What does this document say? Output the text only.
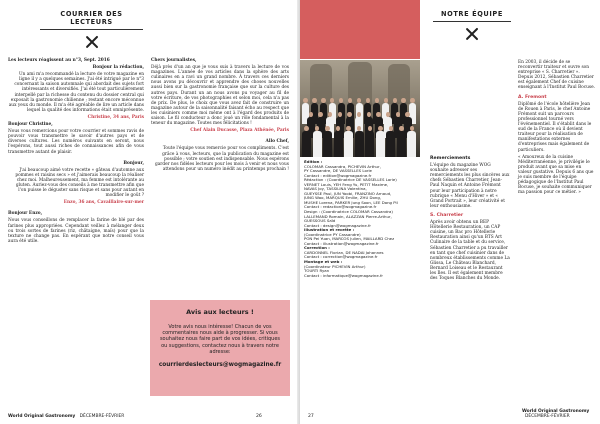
COURRIER DES LECTEURS

Les lecteurs réagissent au n°3, Sept. 2016

Bonjour la rédaction,

Un ami m'a recommandé la lecture de votre magazine en ligne il y a quelques semaines. J'ai été intrigué par le n°3 concernant la saison automnale qui abordait des sujets fort intéressants et diversifiés. J'ai été tout particulièrement interpellé par la richesse du contenu du dossier central qui exposait la gastronomie chilienne ; restant encore méconnue aux yeux du monde. Il m'a été agréable de lire un article dans lequel la qualité des informations était omniprésente.

Christine, 34 ans, Paris

Bonjour Christine,

Nous vous remercions pour votre courrier et sommes ravis de pouvoir vous transmettre le savoir d'autres pays et de diverses cultures. Les numéros suivants en seront, nous l'espérons, tout aussi riches de connaissances afin de vous transmettre autant de plaisir.

Bonjour,

J'ai beaucoup aimé votre recette « gâteau d'automne aux pommes et raisins secs » et j'aimerais beaucoup la réaliser chez moi. Malheureusement, ma femme est intolérante au gluten. Auriez-vous des conseils à me transmettre afin que l'on puisse le déguster sans risque et sans pour autant en modifier le goût ?

Enzo, 36 ans, Cavaillaire-sur-mer

Bonjour Enzo,

Nous vous conseillons de remplacer la farine de blé par des farines plus appropriées. Cependant veillez à mélanger deux ou trois sortes de farines (riz, châtaigne, maïs) pour que la texture ne change pas. En espérant que notre conseil vous aura été utile.

Chers journalistes,

Déjà près d'un an que je vous suis à travers la lecture de vos magazines. L'année de vos articles dans la sphère des arts culinaires en a ravi un grand nombre. À travers ces derniers nous avons pu découvrir et apprendre des choses nouvelles aussi bien sur la gastronomie française que sur la culture des autres pays. Durant un an nous avons pu voyager au fil de votre écriture, de vos photographies et selon moi, cela n'a pas de prix. De plus, le choix que vous avez fait de construire un magazine autour de la saisonnalité faisant écho au respect que les cuisiniers comme moi même ont à l'égard des produits de saison. Le fil conducteur a donc joué un rôle fondamental à la teneur du magazine. Toutes mes félicitations !

Chef Alain Ducasse, Plaza Athénée, Paris

Allo Chef,

Toute l'équipe vous remercie pour vos compliments. C'est grâce à vous, lecteurs, que la publication du magazine est possible ; votre soutien est indispensable. Nous espérons garder nos fidèles lecteurs pour les mois à venir et nous vous attendons pour un numéro inédit au printemps prochain !

Avis aux lecteurs !
Votre avis nous intéresse! Chacun de vos commentaires nous aide à progresser. Si vous souhaitez nous faire part de vos idées, critiques ou suggestions, contactez nous à travers notre adresse:
courrierdeslecteurs@wogmagazine.fr
World Original Gastronomy DÉCEMBRE-FÉVRIER	26
Édition :
COLOMAR Cassandra, PICHEVIN Arthur,
PY Cassandre, DE VASSELLES Lorie
Contact : edition@wogmagazine.fr
Rédaction : (Coordinatrice DE VASSELLES Lorie)
VERNET Louis, YEH Feng Yu, PETIT Maxime,
NAVAS Joy, TASSILINA Valentina,
GUEYSSE Paul, JUN Yoobi, FRANZINO Arnaud,
JUNG Woo, MARQUIS Emilie, ZHU Dong,
MUSHE Lorena, PARKER Jung Soon, LEE Dong Pil
Contact : redaction@wogmagazine.fr
Design : (Coordinatrice COLOMAR Cassandra)
LALLEMAND Romain, ALAZZAN Pierre-Arthur,
GUESSOUS Saïd
Contact : design@wogmagazine.fr
Illustration et recette :
(Coordinatrice PY Cassandre)
PON Pei Yuan, MARCOS Julien, MAILLARD Chez
Contact : illustration@wogmagazine.fr
Correction :
CARDONNEL Florian, DE NADAI Johannes
Contact : correction@wogmagazine.fr
Montage et web :
(Coordinateur PICHEVIN Arthur)
TOURTI Ryan
Contact : informatique@wogmagazine.fr
NOTRE ÉQUIPE

Remerciements

L'équipe du magazine WOG souhaite adresser ses remerciements les plus sincères aux chefs Sébastien Charretier, Jean-Paul Naquin et Antoine Frémont pour leur participation à notre rubrique « Menu d'Hiver » et « Grand Portrait », leur créativité et leur enthousiasme.

S. Charretier

Après avoir obtenu un BEP Hôtellerie Restauration, un CAP cuisine, un Bac pro Hôtellerie Restauration ainsi qu'un BTS Art Culinaire de la table et du service, Sébastien Charretier a pu travailler en tant que chef cuisinier dans de nombreux établissements comme La Glissa, Le Château Blanchard, Bernard Loiseau et le Restaurant les Iles. Il est également membre des Toques Blanches du Monde.

En 2003, il décide de se reconvertir traiteur et ouvre son entreprise « S. Charretier ». Depuis 2012, Sébastien Charretier est également Chef de cuisine enseignant à l'Institut Paul Bocuse.

A. Fremont

Diplômé de l'école hôtelière Jean de Rouen à Paris, le chef Antoine Frémont suit un parcours professionnel tourné vers l'événementiel. Il s'établit dans le sud de la France où il devient traiteur pour la réalisation de manifestations externes d'entreprises mais également de particuliers.

« Amoureux de la cuisine Méditerranéenne, je privilégie le produit avant que sa mise en valeur gustative. Depuis 6 ans que je suis membre de l'équipe pédagogique de l'Institut Paul Bocuse, je souhaite communiquer ma passion pour ce métier. »

World Original Gastronomy DÉCEMBRE-FÉVRIER
27
